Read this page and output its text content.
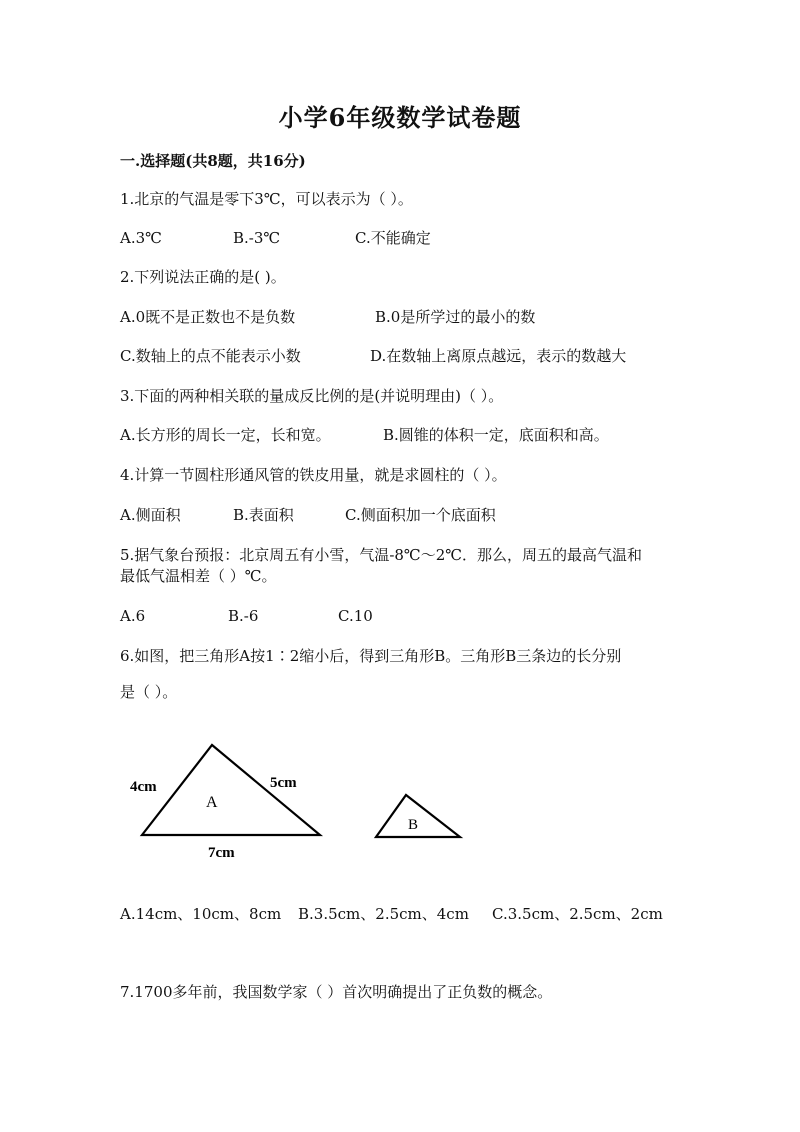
小学6年级数学试卷题
一.选择题(共8题，共16分)
1.北京的气温是零下3℃，可以表示为（ ）。
A.3℃	B.-3℃	C.不能确定
2.下列说法正确的是( )。
A.0既不是正数也不是负数	B.0是所学过的最小的数
C.数轴上的点不能表示小数	D.在数轴上离原点越远，表示的数越大
3.下面的两种相关联的量成反比例的是(并说明理由)（ ）。
A.长方形的周长一定，长和宽。	B.圆锥的体积一定，底面积和高。
4.计算一节圆柱形通风管的铁皮用量，就是求圆柱的（ ）。
A.侧面积	B.表面积	C.侧面积加一个底面积
5.据气象台预报：北京周五有小雪，气温-8℃～2℃．那么，周五的最高气温和
最低气温相差（ ）℃。
A.6	B.-6	C.10
6.如图，把三角形A按1∶2缩小后，得到三角形B。三角形B三条边的长分别
是（ ）。
A
4cm	5cm
7cm
B
A.14cm、10cm、8cm B.3.5cm、2.5cm、4cm C.3.5cm、2.5cm、2cm
7.1700多年前，我国数学家（ ）首次明确提出了正负数的概念。
